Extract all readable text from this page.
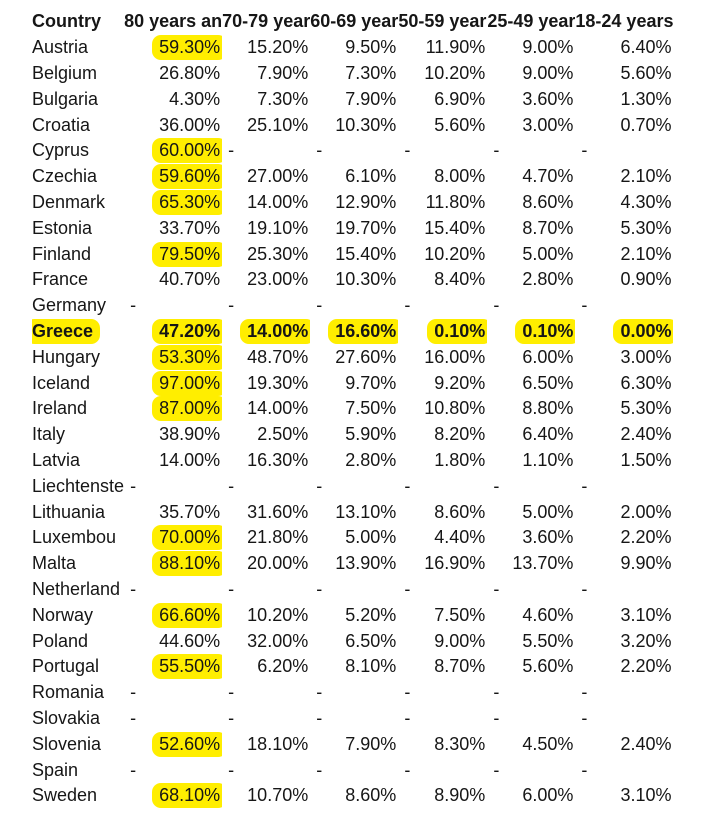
Country	80 years an	70-79 year	60-69 year	50-59 year	25-49 year	18-24 years
Austria	59.30%	15.20%	9.50%	11.90%	9.00%	6.40%
Belgium	26.80%	7.90%	7.30%	10.20%	9.00%	5.60%
Bulgaria	4.30%	7.30%	7.90%	6.90%	3.60%	1.30%
Croatia	36.00%	25.10%	10.30%	5.60%	3.00%	0.70%
Cyprus	60.00%	-	-	-	-	-
Czechia	59.60%	27.00%	6.10%	8.00%	4.70%	2.10%
Denmark	65.30%	14.00%	12.90%	11.80%	8.60%	4.30%
Estonia	33.70%	19.10%	19.70%	15.40%	8.70%	5.30%
Finland	79.50%	25.30%	15.40%	10.20%	5.00%	2.10%
France	40.70%	23.00%	10.30%	8.40%	2.80%	0.90%
Germany	-	-	-	-	-	-
Greece	47.20%	14.00%	16.60%	0.10%	0.10%	0.00%
Hungary	53.30%	48.70%	27.60%	16.00%	6.00%	3.00%
Iceland	97.00%	19.30%	9.70%	9.20%	6.50%	6.30%
Ireland	87.00%	14.00%	7.50%	10.80%	8.80%	5.30%
Italy	38.90%	2.50%	5.90%	8.20%	6.40%	2.40%
Latvia	14.00%	16.30%	2.80%	1.80%	1.10%	1.50%
Liechtenste	-	-	-	-	-	-
Lithuania	35.70%	31.60%	13.10%	8.60%	5.00%	2.00%
Luxembou	70.00%	21.80%	5.00%	4.40%	3.60%	2.20%
Malta	88.10%	20.00%	13.90%	16.90%	13.70%	9.90%
Netherland	-	-	-	-	-	-
Norway	66.60%	10.20%	5.20%	7.50%	4.60%	3.10%
Poland	44.60%	32.00%	6.50%	9.00%	5.50%	3.20%
Portugal	55.50%	6.20%	8.10%	8.70%	5.60%	2.20%
Romania	-	-	-	-	-	-
Slovakia	-	-	-	-	-	-
Slovenia	52.60%	18.10%	7.90%	8.30%	4.50%	2.40%
Spain	-	-	-	-	-	-
Sweden	68.10%	10.70%	8.60%	8.90%	6.00%	3.10%
